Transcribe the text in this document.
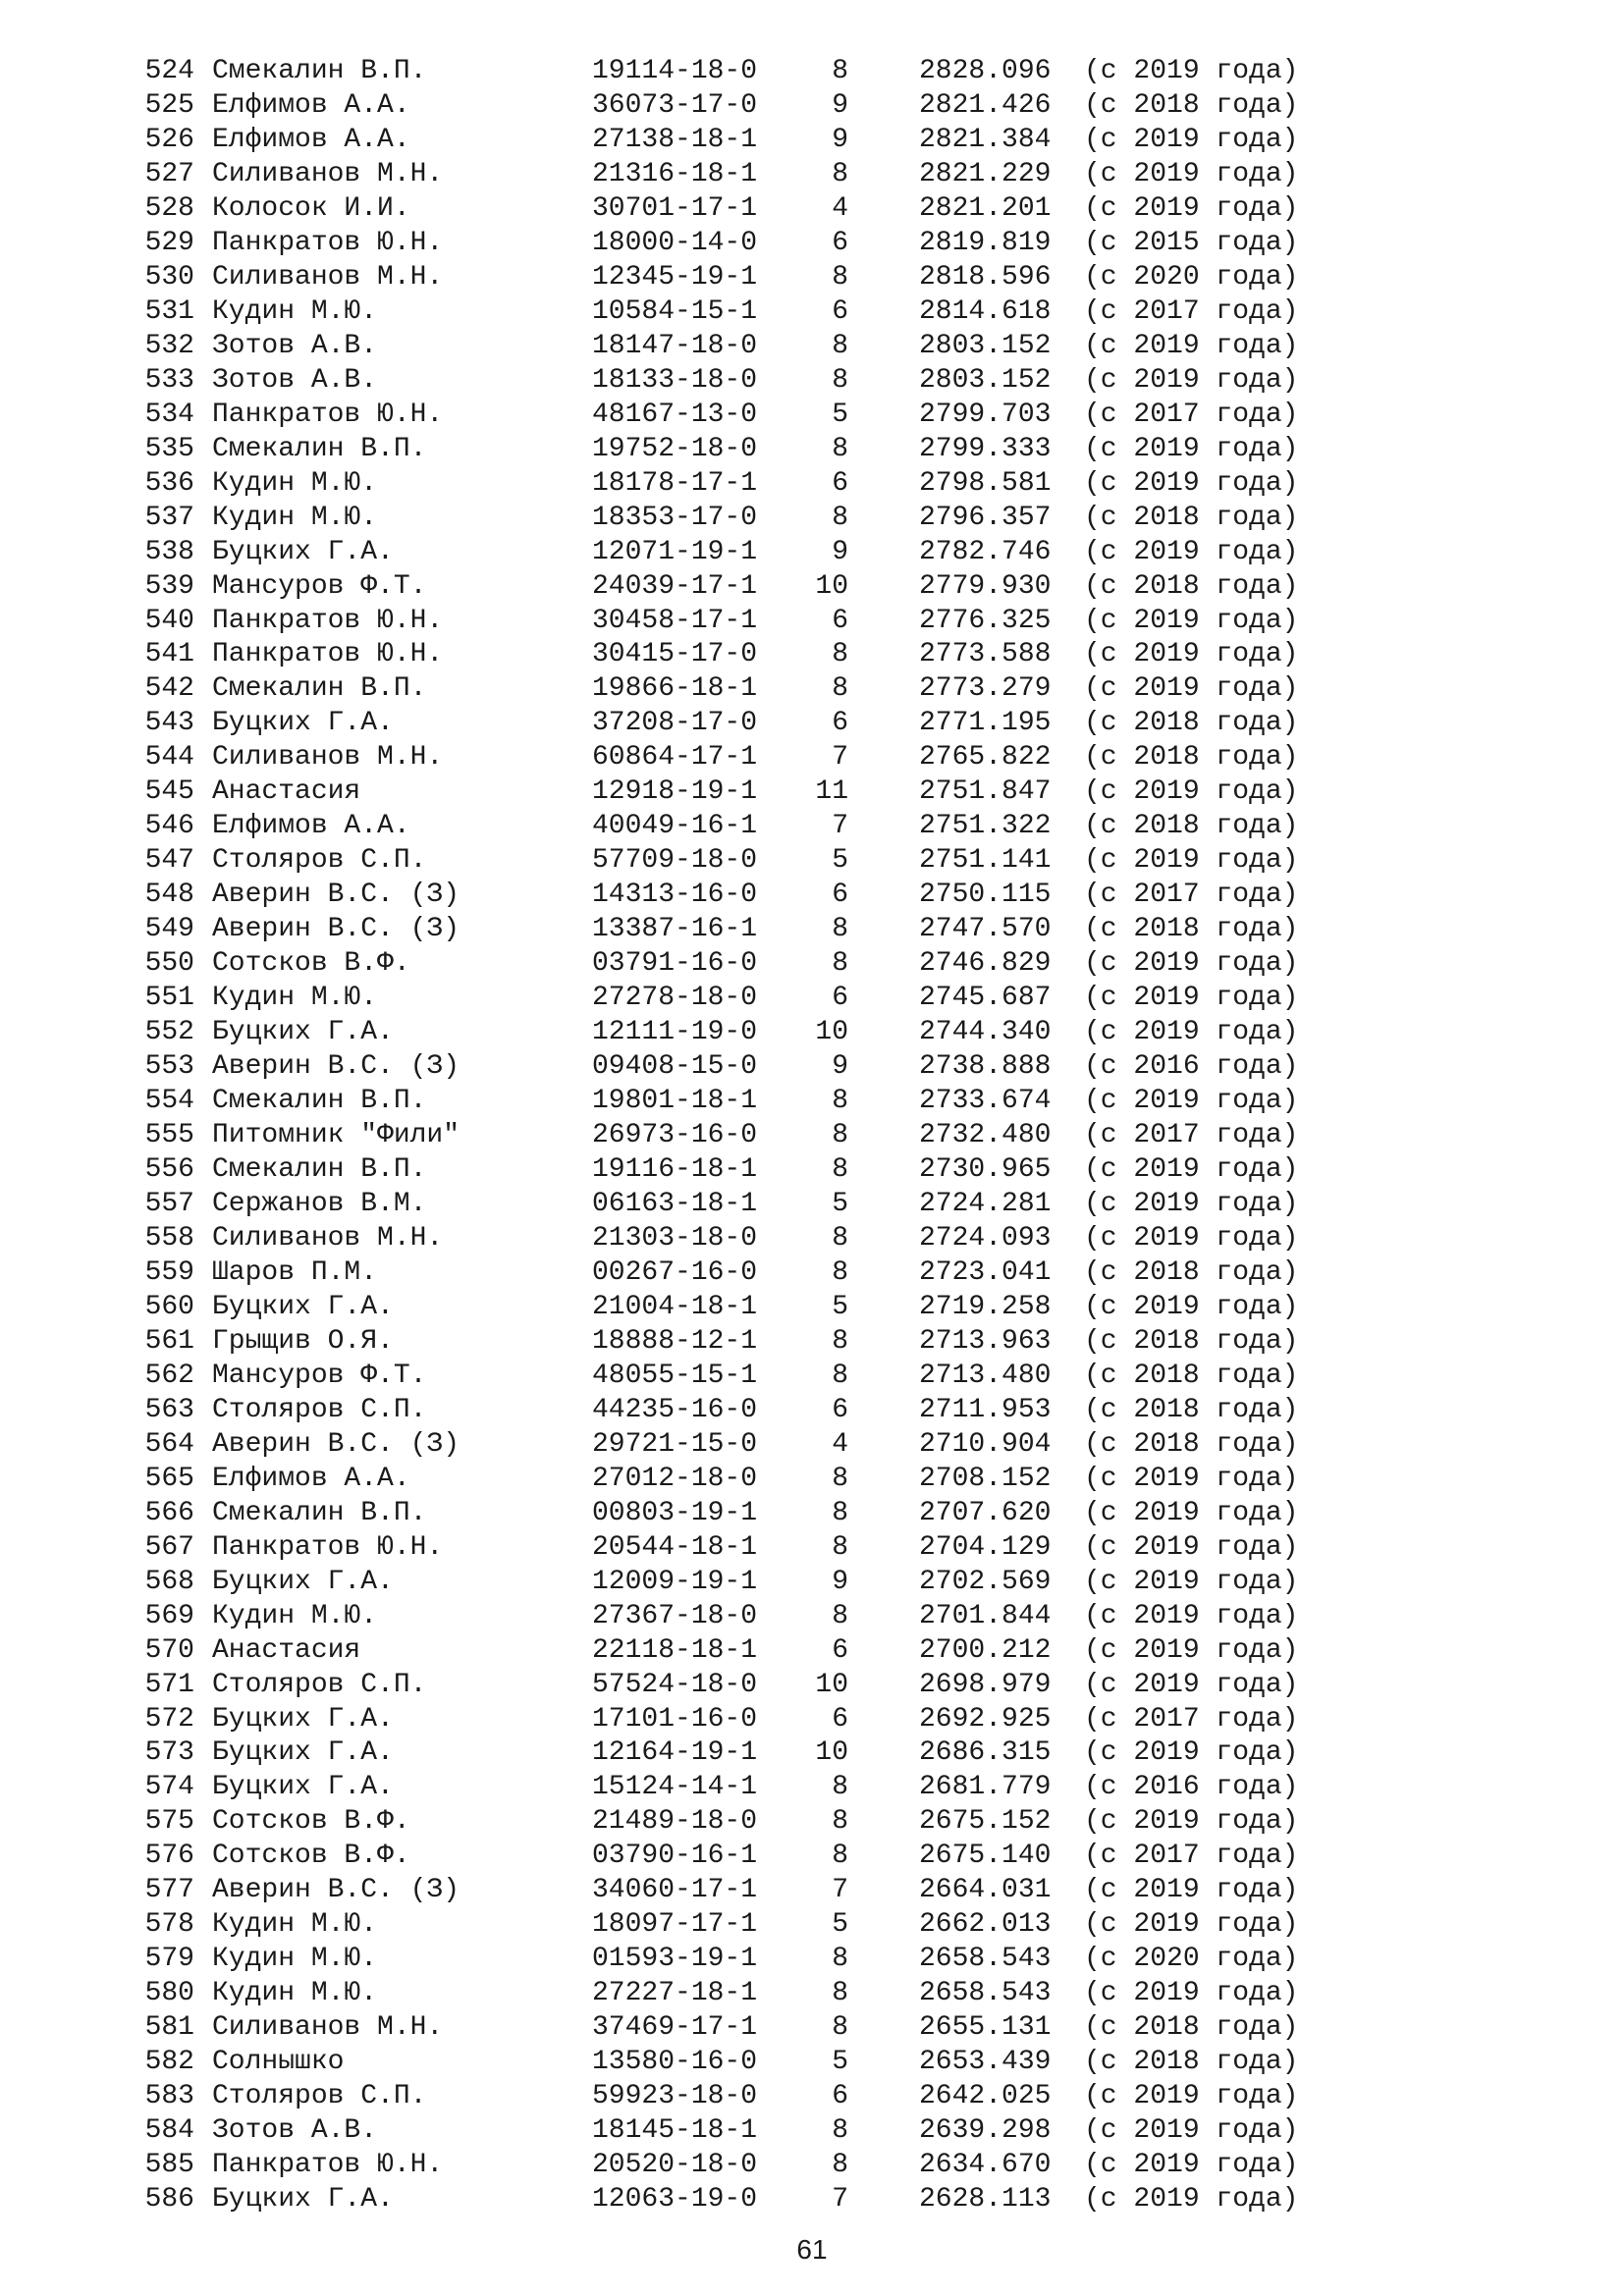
524 Смекалин В.П.	19114-18-0	8	2828.096 (с 2019 года)
525 Елфимов А.А.	36073-17-0	9	2821.426 (с 2018 года)
526 Елфимов А.А.	27138-18-1	9	2821.384 (с 2019 года)
527 Силиванов М.Н.	21316-18-1	8	2821.229 (с 2019 года)
528 Колосок И.И.	30701-17-1	4	2821.201 (с 2019 года)
529 Панкратов Ю.Н.	18000-14-0	6	2819.819 (с 2015 года)
530 Силиванов М.Н.	12345-19-1	8	2818.596 (с 2020 года)
531 Кудин М.Ю.	10584-15-1	6	2814.618 (с 2017 года)
532 Зотов А.В.	18147-18-0	8	2803.152 (с 2019 года)
533 Зотов А.В.	18133-18-0	8	2803.152 (с 2019 года)
534 Панкратов Ю.Н.	48167-13-0	5	2799.703 (с 2017 года)
535 Смекалин В.П.	19752-18-0	8	2799.333 (с 2019 года)
536 Кудин М.Ю.	18178-17-1	6	2798.581 (с 2019 года)
537 Кудин М.Ю.	18353-17-0	8	2796.357 (с 2018 года)
538 Буцких Г.А.	12071-19-1	9	2782.746 (с 2019 года)
539 Мансуров Ф.Т.	24039-17-1	10	2779.930 (с 2018 года)
540 Панкратов Ю.Н.	30458-17-1	6	2776.325 (с 2019 года)
541 Панкратов Ю.Н.	30415-17-0	8	2773.588 (с 2019 года)
542 Смекалин В.П.	19866-18-1	8	2773.279 (с 2019 года)
543 Буцких Г.А.	37208-17-0	6	2771.195 (с 2018 года)
544 Силиванов М.Н.	60864-17-1	7	2765.822 (с 2018 года)
545 Анастасия	12918-19-1	11	2751.847 (с 2019 года)
546 Елфимов А.А.	40049-16-1	7	2751.322 (с 2018 года)
547 Столяров С.П.	57709-18-0	5	2751.141 (с 2019 года)
548 Аверин В.С. (З)	14313-16-0	6	2750.115 (с 2017 года)
549 Аверин В.С. (З)	13387-16-1	8	2747.570 (с 2018 года)
550 Сотсков В.Ф.	03791-16-0	8	2746.829 (с 2019 года)
551 Кудин М.Ю.	27278-18-0	6	2745.687 (с 2019 года)
552 Буцких Г.А.	12111-19-0	10	2744.340 (с 2019 года)
553 Аверин В.С. (З)	09408-15-0	9	2738.888 (с 2016 года)
554 Смекалин В.П.	19801-18-1	8	2733.674 (с 2019 года)
555 Питомник "Фили"	26973-16-0	8	2732.480 (с 2017 года)
556 Смекалин В.П.	19116-18-1	8	2730.965 (с 2019 года)
557 Сержанов В.М.	06163-18-1	5	2724.281 (с 2019 года)
558 Силиванов М.Н.	21303-18-0	8	2724.093 (с 2019 года)
559 Шаров П.М.	00267-16-0	8	2723.041 (с 2018 года)
560 Буцких Г.А.	21004-18-1	5	2719.258 (с 2019 года)
561 Грыщив О.Я.	18888-12-1	8	2713.963 (с 2018 года)
562 Мансуров Ф.Т.	48055-15-1	8	2713.480 (с 2018 года)
563 Столяров С.П.	44235-16-0	6	2711.953 (с 2018 года)
564 Аверин В.С. (З)	29721-15-0	4	2710.904 (с 2018 года)
565 Елфимов А.А.	27012-18-0	8	2708.152 (с 2019 года)
566 Смекалин В.П.	00803-19-1	8	2707.620 (с 2019 года)
567 Панкратов Ю.Н.	20544-18-1	8	2704.129 (с 2019 года)
568 Буцких Г.А.	12009-19-1	9	2702.569 (с 2019 года)
569 Кудин М.Ю.	27367-18-0	8	2701.844 (с 2019 года)
570 Анастасия	22118-18-1	6	2700.212 (с 2019 года)
571 Столяров С.П.	57524-18-0	10	2698.979 (с 2019 года)
572 Буцких Г.А.	17101-16-0	6	2692.925 (с 2017 года)
573 Буцких Г.А.	12164-19-1	10	2686.315 (с 2019 года)
574 Буцких Г.А.	15124-14-1	8	2681.779 (с 2016 года)
575 Сотсков В.Ф.	21489-18-0	8	2675.152 (с 2019 года)
576 Сотсков В.Ф.	03790-16-1	8	2675.140 (с 2017 года)
577 Аверин В.С. (З)	34060-17-1	7	2664.031 (с 2019 года)
578 Кудин М.Ю.	18097-17-1	5	2662.013 (с 2019 года)
579 Кудин М.Ю.	01593-19-1	8	2658.543 (с 2020 года)
580 Кудин М.Ю.	27227-18-1	8	2658.543 (с 2019 года)
581 Силиванов М.Н.	37469-17-1	8	2655.131 (с 2018 года)
582 Солнышко	13580-16-0	5	2653.439 (с 2018 года)
583 Столяров С.П.	59923-18-0	6	2642.025 (с 2019 года)
584 Зотов А.В.	18145-18-1	8	2639.298 (с 2019 года)
585 Панкратов Ю.Н.	20520-18-0	8	2634.670 (с 2019 года)
586 Буцких Г.А.	12063-19-0	7	2628.113 (с 2019 года)
61
